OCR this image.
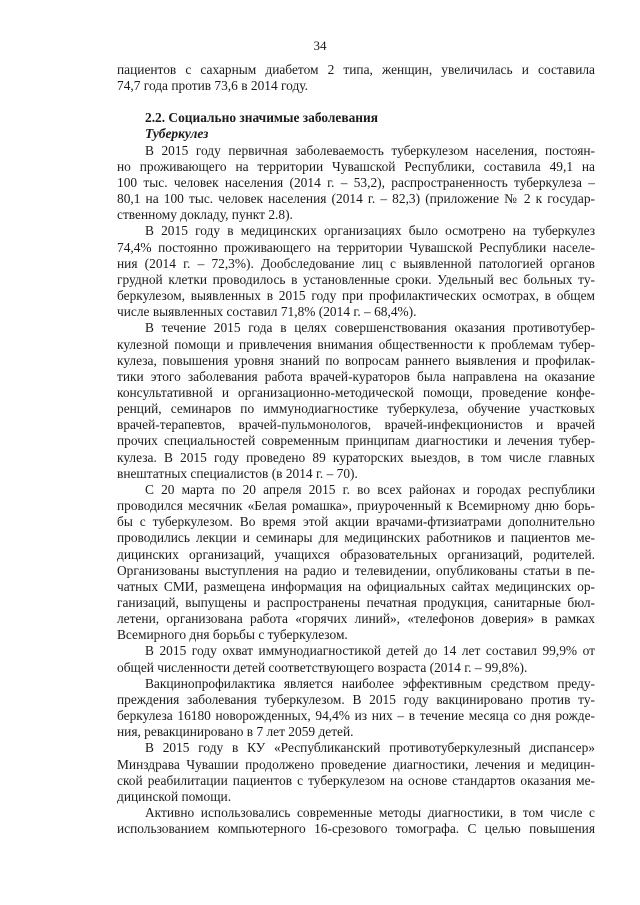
34
пациентов с сахарным диабетом 2 типа, женщин, увеличилась и составила
74,7 года против 73,6 в 2014 году.
2.2. Социально значимые заболевания
Туберкулез
В 2015 году первичная заболеваемость туберкулезом населения, постоян-
но проживающего на территории Чувашской Республики, составила 49,1 на
100 тыс. человек населения (2014 г. – 53,2), распространенность туберкулеза –
80,1 на 100 тыс. человек населения (2014 г. – 82,3) (приложение № 2 к государ-
ственному докладу, пункт 2.8).
В 2015 году в медицинских организациях было осмотрено на туберкулез
74,4% постоянно проживающего на территории Чувашской Республики населе-
ния (2014 г. – 72,3%). Дообследование лиц с выявленной патологией органов
грудной клетки проводилось в установленные сроки. Удельный вес больных ту-
беркулезом, выявленных в 2015 году при профилактических осмотрах, в общем
числе выявленных составил 71,8% (2014 г. – 68,4%).
В течение 2015 года в целях совершенствования оказания противотубер-
кулезной помощи и привлечения внимания общественности к проблемам тубер-
кулеза, повышения уровня знаний по вопросам раннего выявления и профилак-
тики этого заболевания работа врачей-кураторов была направлена на оказание
консультативной и организационно-методической помощи, проведение конфе-
ренций, семинаров по иммунодиагностике туберкулеза, обучение участковых
врачей-терапевтов, врачей-пульмонологов, врачей-инфекционистов и врачей
прочих специальностей современным принципам диагностики и лечения тубер-
кулеза. В 2015 году проведено 89 кураторских выездов, в том числе главных
внештатных специалистов (в 2014 г. – 70).
С 20 марта по 20 апреля 2015 г. во всех районах и городах республики
проводился месячник «Белая ромашка», приуроченный к Всемирному дню борь-
бы с туберкулезом. Во время этой акции врачами-фтизиатрами дополнительно
проводились лекции и семинары для медицинских работников и пациентов ме-
дицинских организаций, учащихся образовательных организаций, родителей.
Организованы выступления на радио и телевидении, опубликованы статьи в пе-
чатных СМИ, размещена информация на официальных сайтах медицинских ор-
ганизаций, выпущены и распространены печатная продукция, санитарные бюл-
летени, организована работа «горячих линий», «телефонов доверия» в рамках
Всемирного дня борьбы с туберкулезом.
В 2015 году охват иммунодиагностикой детей до 14 лет составил 99,9% от
общей численности детей соответствующего возраста (2014 г. – 99,8%).
Вакцинопрофилактика является наиболее эффективным средством преду-
преждения заболевания туберкулезом. В 2015 году вакцинировано против ту-
беркулеза 16180 новорожденных, 94,4% из них – в течение месяца со дня рожде-
ния, ревакцинировано в 7 лет 2059 детей.
В 2015 году в КУ «Республиканский противотуберкулезный диспансер»
Минздрава Чувашии продолжено проведение диагностики, лечения и медицин-
ской реабилитации пациентов с туберкулезом на основе стандартов оказания ме-
дицинской помощи.
Активно использовались современные методы диагностики, в том числе с
использованием компьютерного 16-срезового томографа. С целью повышения
